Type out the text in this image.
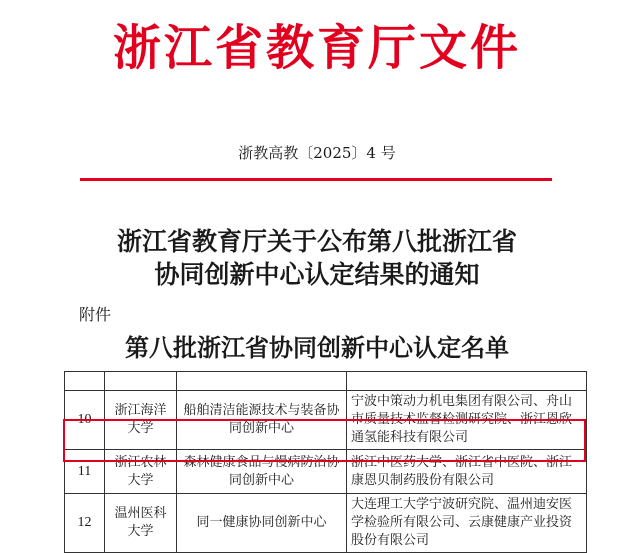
浙江省教育厅文件
浙教高教〔2025〕4 号
浙江省教育厅关于公布第八批浙江省
协同创新中心认定结果的通知
附件
第八批浙江省协同创新中心认定名单

10	浙江海洋大学	船舶清洁能源技术与装备协同创新中心	宁波中策动力机电集团有限公司、舟山市质量技术监督检测研究院、浙江恩欣通氢能科技有限公司
11	浙江农林大学	森林健康食品与慢病防治协同创新中心	浙江中医药大学、浙江省中医院、浙江康恩贝制药股份有限公司
12	温州医科大学	同一健康协同创新中心	大连理工大学宁波研究院、温州迪安医学检验所有限公司、云康健康产业投资股份有限公司
